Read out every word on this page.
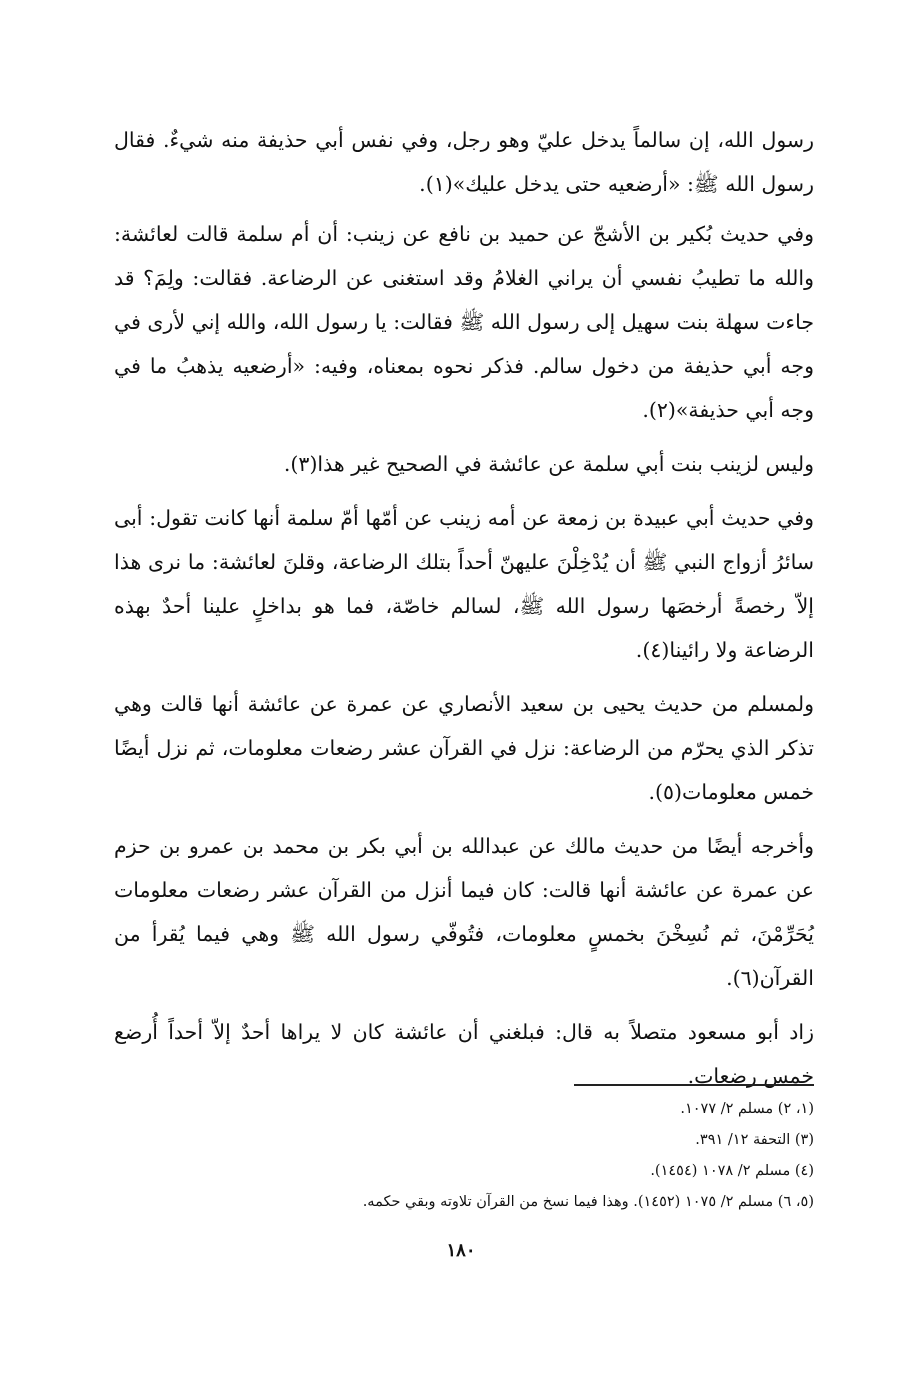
رسول الله، إن سالماً يدخل عليّ وهو رجل، وفي نفس أبي حذيفة منه شيءٌ. فقال رسول الله ﷺ: «أرضعيه حتى يدخل عليك»(١).

وفي حديث بُكير بن الأشجّ عن حميد بن نافع عن زينب: أن أم سلمة قالت لعائشة: والله ما تطيبُ نفسي أن يراني الغلامُ وقد استغنى عن الرضاعة. فقالت: ولِمَ؟ قد جاءت سهلة بنت سهيل إلى رسول الله ﷺ فقالت: يا رسول الله، والله إني لأرى في وجه أبي حذيفة من دخول سالم. فذكر نحوه بمعناه، وفيه: «أرضعيه يذهبُ ما في وجه أبي حذيفة»(٢).

وليس لزينب بنت أبي سلمة عن عائشة في الصحيح غير هذا(٣).

وفي حديث أبي عبيدة بن زمعة عن أمه زينب عن أمّها أمّ سلمة أنها كانت تقول: أبى سائرُ أزواج النبي ﷺ أن يُدْخِلْنَ عليهنّ أحداً بتلك الرضاعة، وقلنَ لعائشة: ما نرى هذا إلاّ رخصةً أرخصَها رسول الله ﷺ، لسالم خاصّة، فما هو بداخلٍ علينا أحدٌ بهذه الرضاعة ولا رائينا(٤).

ولمسلم من حديث يحيى بن سعيد الأنصاري عن عمرة عن عائشة أنها قالت وهي تذكر الذي يحرّم من الرضاعة: نزل في القرآن عشر رضعات معلومات، ثم نزل أيضًا خمس معلومات(٥).

وأخرجه أيضًا من حديث مالك عن عبدالله بن أبي بكر بن محمد بن عمرو بن حزم عن عمرة عن عائشة أنها قالت: كان فيما أنزل من القرآن عشر رضعات معلومات يُحَرِّمْنَ، ثم نُسِخْنَ بخمسٍ معلومات، فتُوفّي رسول الله ﷺ وهي فيما يُقرأ من القرآن(٦).

زاد أبو مسعود متصلاً به قال: فبلغني أن عائشة كان لا يراها أحدٌ إلاّ أحداً أُرضع خمس رضعات.

(١، ٢) مسلم ٢/ ١٠٧٧.

(٣) التحفة ١٢/ ٣٩١.

(٤) مسلم ٢/ ١٠٧٨ (١٤٥٤).

(٥، ٦) مسلم ٢/ ١٠٧٥ (١٤٥٢). وهذا فيما نسخ من القرآن تلاوته وبقي حكمه.

١٨٠
